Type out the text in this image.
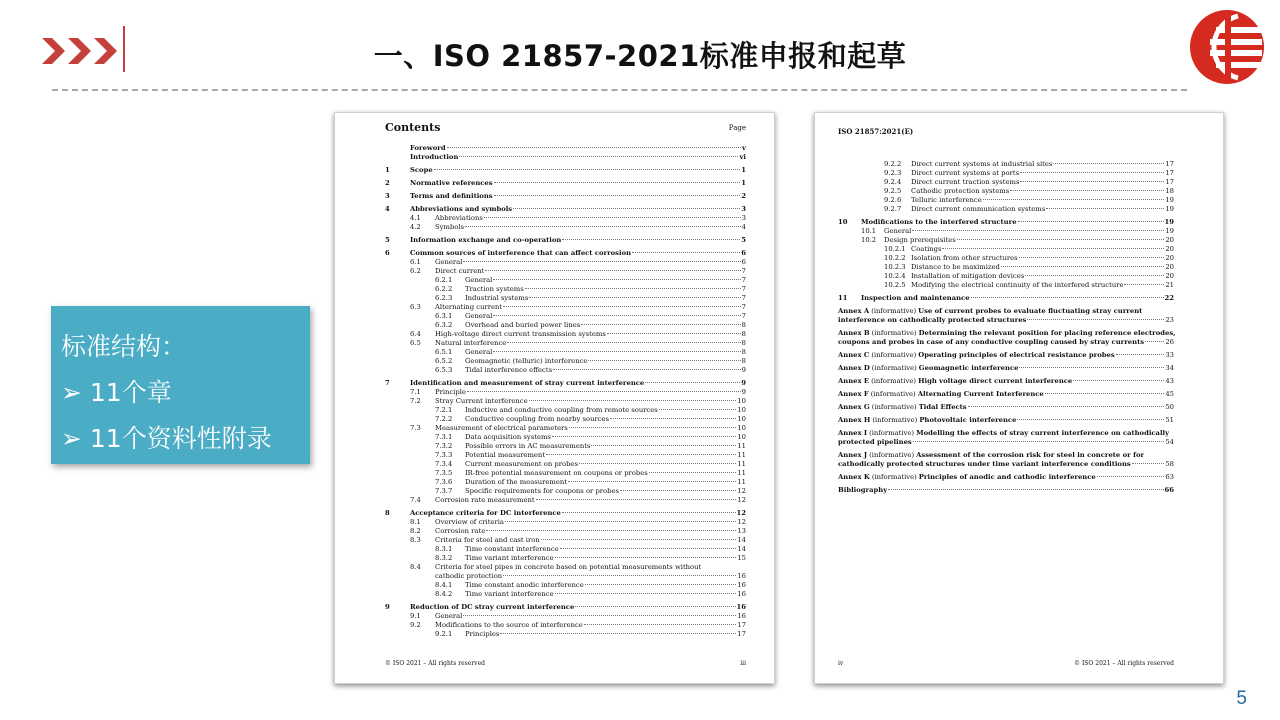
一、ISO 21857-2021标准申报和起草
标准结构：
➢ 11个章
➢ 11个资料性附录
Contents	Page
Foreword	v
Introduction	vi
1	Scope	1
2	Normative references	1
3	Terms and definitions	2
4	Abbreviations and symbols	3
4.1	Abbreviations	3
4.2	Symbols	4
5	Information exchange and co-operation	5
6	Common sources of interference that can affect corrosion	6
6.1	General	6
6.2	Direct current	7
6.2.1	General	7
6.2.2	Traction systems	7
6.2.3	Industrial systems	7
6.3	Alternating current	7
6.3.1	General	7
6.3.2	Overhead and buried power lines	8
6.4	High-voltage direct current transmission systems	8
6.5	Natural interference	8
6.5.1	General	8
6.5.2	Geomagnetic (telluric) interference	8
6.5.3	Tidal interference effects	9
7	Identification and measurement of stray current interference	9
7.1	Principle	9
7.2	Stray Current interference	10
7.2.1	Inductive and conductive coupling from remote sources	10
7.2.2	Conductive coupling from nearby sources	10
7.3	Measurement of electrical parameters	10
7.3.1	Data acquisition systems	10
7.3.2	Possible errors in AC measurements	11
7.3.3	Potential measurement	11
7.3.4	Current measurement on probes	11
7.3.5	IR-free potential measurement on coupons or probes	11
7.3.6	Duration of the measurement	11
7.3.7	Specific requirements for coupons or probes	12
7.4	Corrosion rate measurement	12
8	Acceptance criteria for DC interference	12
8.1	Overview of criteria	12
8.2	Corrosion rate	13
8.3	Criteria for steel and cast iron	14
8.3.1	Time constant interference	14
8.3.2	Time variant interference	15
8.4	Criteria for steel pipes in concrete based on potential measurements without
cathodic protection	16
8.4.1	Time constant anodic interference	16
8.4.2	Time variant interference	16
9	Reduction of DC stray current interference	16
9.1	General	16
9.2	Modifications to the source of interference	17
9.2.1	Principles	17
© ISO 2021 – All rights reserved	iii
ISO 21857:2021(E)
9.2.2	Direct current systems at industrial sites	17
9.2.3	Direct current systems at ports	17
9.2.4	Direct current traction systems	17
9.2.5	Cathodic protection systems	18
9.2.6	Telluric interference	19
9.2.7	Direct current communication systems	19
10	Modifications to the interfered structure	19
10.1	General	19
10.2	Design prerequisites	20
10.2.1 Coatings	20
10.2.2 Isolation from other structures	20
10.2.3 Distance to be maximized	20
10.2.4 Installation of mitigation devices	20
10.2.5 Modifying the electrical continuity of the interfered structure	21
11	Inspection and maintenance	22
Annex A (informative) Use of current probes to evaluate fluctuating stray current
interference on cathodically protected structures	23
Annex B (informative) Determining the relevant position for placing reference electrodes,
coupons and probes in case of any conductive coupling caused by stray currents	26
Annex C (informative) Operating principles of electrical resistance probes	33
Annex D (informative) Geomagnetic interference	34
Annex E (informative) High voltage direct current interference	43
Annex F (informative) Alternating Current Interference	45
Annex G (informative) Tidal Effects	50
Annex H (informative) Photovoltaic interference	51
Annex I (informative) Modelling the effects of stray current interference on cathodically
protected pipelines	54
Annex J (informative) Assessment of the corrosion risk for steel in concrete or for
cathodically protected structures under time variant interference conditions	58
Annex K (informative) Principles of anodic and cathodic interference	63
Bibliography	66
iv	© ISO 2021 – All rights reserved
5
